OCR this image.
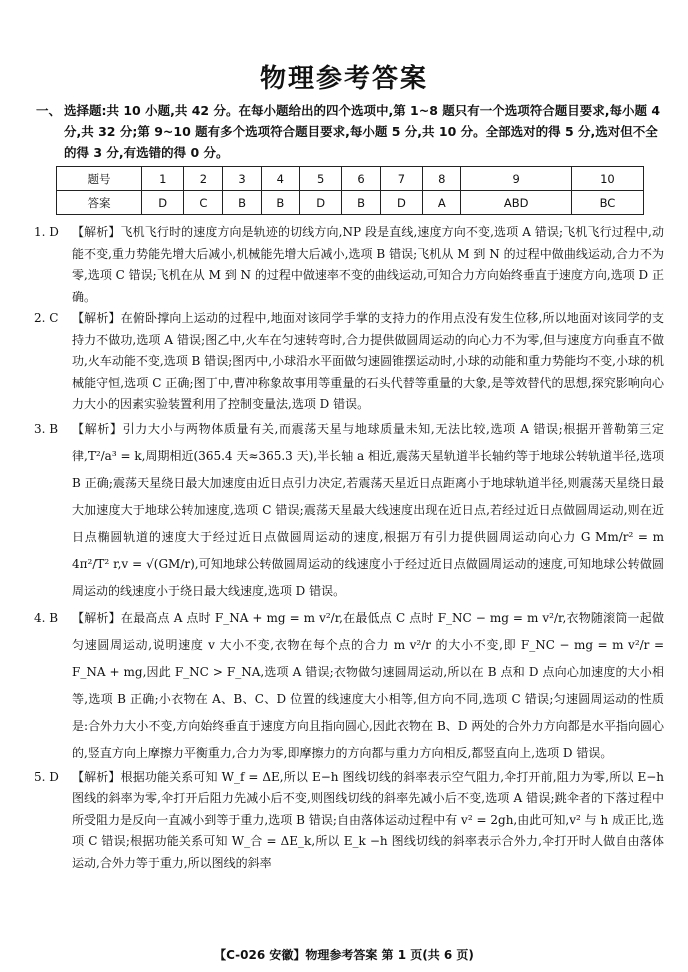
物理参考答案
一、 选择题:共 10 小题,共 42 分。在每小题给出的四个选项中,第 1~8 题只有一个选项符合题目要求,每小题 4 分,共 32 分;第 9~10 题有多个选项符合题目要求,每小题 5 分,共 10 分。全部选对的得 5 分,选对但不全的得 3 分,有选错的得 0 分。
题号	1	2	3	4	5	6	7	8	9	10
答案	D	C	B	B	D	B	D	A	ABD	BC
1. D	【解析】飞机飞行时的速度方向是轨迹的切线方向,NP 段是直线,速度方向不变,选项 A 错误;飞机飞行过程中,动能不变,重力势能先增大后减小,机械能先增大后减小,选项 B 错误;飞机从 M 到 N 的过程中做曲线运动,合力不为零,选项 C 错误;飞机在从 M 到 N 的过程中做速率不变的曲线运动,可知合力方向始终垂直于速度方向,选项 D 正确。
2. C	【解析】在俯卧撑向上运动的过程中,地面对该同学手掌的支持力的作用点没有发生位移,所以地面对该同学的支持力不做功,选项 A 错误;图乙中,火车在匀速转弯时,合力提供做圆周运动的向心力不为零,但与速度方向垂直不做功,火车动能不变,选项 B 错误;图丙中,小球沿水平面做匀速圆锥摆运动时,小球的动能和重力势能均不变,小球的机械能守恒,选项 C 正确;图丁中,曹冲称象故事用等重量的石头代替等重量的大象,是等效替代的思想,探究影响向心力大小的因素实验装置利用了控制变量法,选项 D 错误。
3. B	【解析】引力大小与两物体质量有关,而震荡天星与地球质量未知,无法比较,选项 A 错误;根据开普勒第三定律,T²/a³ = k,周期相近(365.4 天≈365.3 天),半长轴 a 相近,震荡天星轨道半长轴约等于地球公转轨道半径,选项 B 正确;震荡天星绕日最大加速度由近日点引力决定,若震荡天星近日点距离小于地球轨道半径,则震荡天星绕日最大加速度大于地球公转加速度,选项 C 错误;震荡天星最大线速度出现在近日点,若经过近日点做圆周运动,则在近日点椭圆轨道的速度大于经过近日点做圆周运动的速度,根据万有引力提供圆周运动向心力 G Mm/r² = m 4π²/T² r,v = √(GM/r),可知地球公转做圆周运动的线速度小于经过近日点做圆周运动的速度,可知地球公转做圆周运动的线速度小于绕日最大线速度,选项 D 错误。
4. B	【解析】在最高点 A 点时 F_NA + mg = m v²/r,在最低点 C 点时 F_NC − mg = m v²/r,衣物随滚筒一起做匀速圆周运动,说明速度 v 大小不变,衣物在每个点的合力 m v²/r 的大小不变,即 F_NC − mg = m v²/r = F_NA + mg,因此 F_NC > F_NA,选项 A 错误;衣物做匀速圆周运动,所以在 B 点和 D 点向心加速度的大小相等,选项 B 正确;小衣物在 A、B、C、D 位置的线速度大小相等,但方向不同,选项 C 错误;匀速圆周运动的性质是:合外力大小不变,方向始终垂直于速度方向且指向圆心,因此衣物在 B、D 两处的合外力方向都是水平指向圆心的,竖直方向上摩擦力平衡重力,合力为零,即摩擦力的方向都与重力方向相反,都竖直向上,选项 D 错误。
5. D	【解析】根据功能关系可知 W_f = ΔE,所以 E−h 图线切线的斜率表示空气阻力,伞打开前,阻力为零,所以 E−h 图线的斜率为零,伞打开后阻力先减小后不变,则图线切线的斜率先减小后不变,选项 A 错误;跳伞者的下落过程中所受阻力是反向一直减小到等于重力,选项 B 错误;自由落体运动过程中有 v² = 2gh,由此可知,v² 与 h 成正比,选项 C 错误;根据功能关系可知 W_合 = ΔE_k,所以 E_k −h 图线切线的斜率表示合外力,伞打开时人做自由落体运动,合外力等于重力,所以图线的斜率
【C-026 安徽】物理参考答案 第 1 页(共 6 页)
